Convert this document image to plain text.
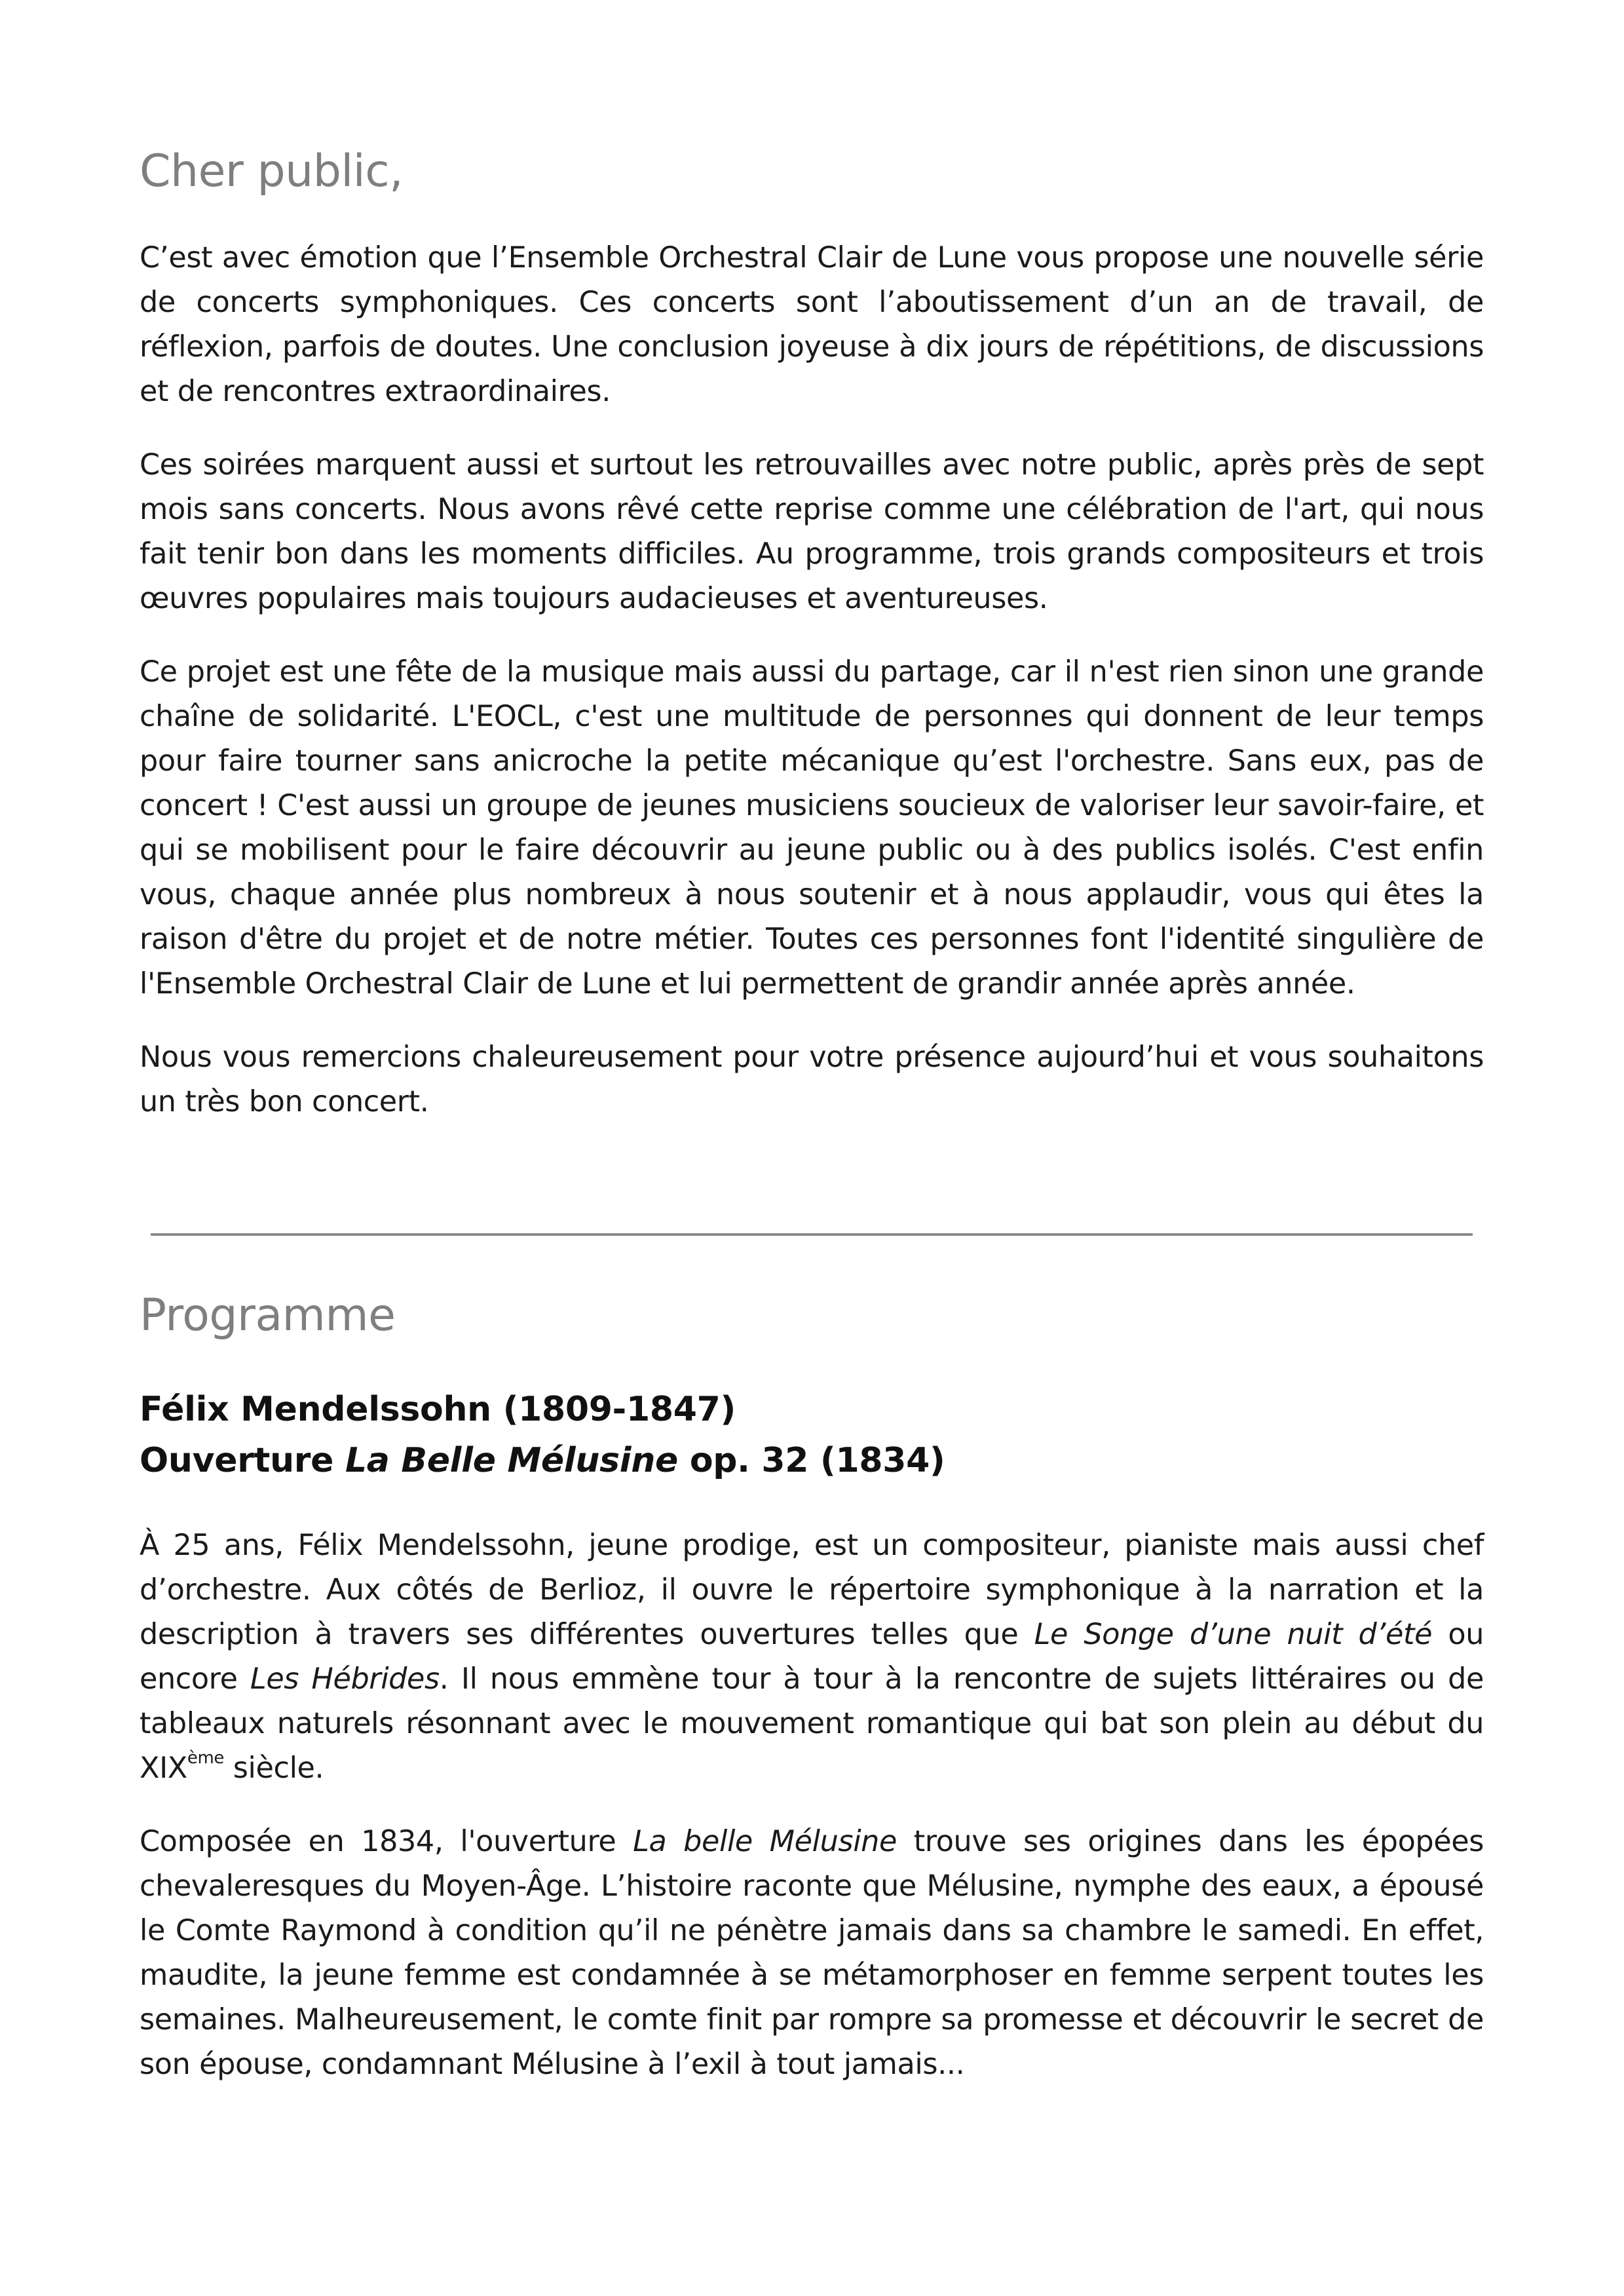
Cher public,

C’est avec émotion que l’Ensemble Orchestral Clair de Lune vous propose une nouvelle série de concerts symphoniques. Ces concerts sont l’aboutissement d’un an de travail, de réflexion, parfois de doutes. Une conclusion joyeuse à dix jours de répétitions, de discussions et de rencontres extraordinaires.

Ces soirées marquent aussi et surtout les retrouvailles avec notre public, après près de sept mois sans concerts. Nous avons rêvé cette reprise comme une célébration de l'art, qui nous fait tenir bon dans les moments difficiles. Au programme, trois grands compositeurs et trois œuvres populaires mais toujours audacieuses et aventureuses.

Ce projet est une fête de la musique mais aussi du partage, car il n'est rien sinon une grande chaîne de solidarité. L'EOCL, c'est une multitude de personnes qui donnent de leur temps pour faire tourner sans anicroche la petite mécanique qu’est l'orchestre. Sans eux, pas de concert ! C'est aussi un groupe de jeunes musiciens soucieux de valoriser leur savoir-faire, et qui se mobilisent pour le faire découvrir au jeune public ou à des publics isolés. C'est enfin vous, chaque année plus nombreux à nous soutenir et à nous applaudir, vous qui êtes la raison d'être du projet et de notre métier. Toutes ces personnes font l'identité singulière de l'Ensemble Orchestral Clair de Lune et lui permettent de grandir année après année.

Nous vous remercions chaleureusement pour votre présence aujourd’hui et vous souhaitons un très bon concert.

Programme
Félix Mendelssohn (1809-1847)
Ouverture La Belle Mélusine op. 32 (1834)

À 25 ans, Félix Mendelssohn, jeune prodige, est un compositeur, pianiste mais aussi chef d’orchestre. Aux côtés de Berlioz, il ouvre le répertoire symphonique à la narration et la description à travers ses différentes ouvertures telles que Le Songe d’une nuit d’été ou encore Les Hébrides. Il nous emmène tour à tour à la rencontre de sujets littéraires ou de tableaux naturels résonnant avec le mouvement romantique qui bat son plein au début du XIXème siècle.

Composée en 1834, l'ouverture La belle Mélusine trouve ses origines dans les épopées chevaleresques du Moyen-Âge. L’histoire raconte que Mélusine, nymphe des eaux, a épousé le Comte Raymond à condition qu’il ne pénètre jamais dans sa chambre le samedi. En effet, maudite, la jeune femme est condamnée à se métamorphoser en femme serpent toutes les semaines. Malheureusement, le comte finit par rompre sa promesse et découvrir le secret de son épouse, condamnant Mélusine à l’exil à tout jamais...
